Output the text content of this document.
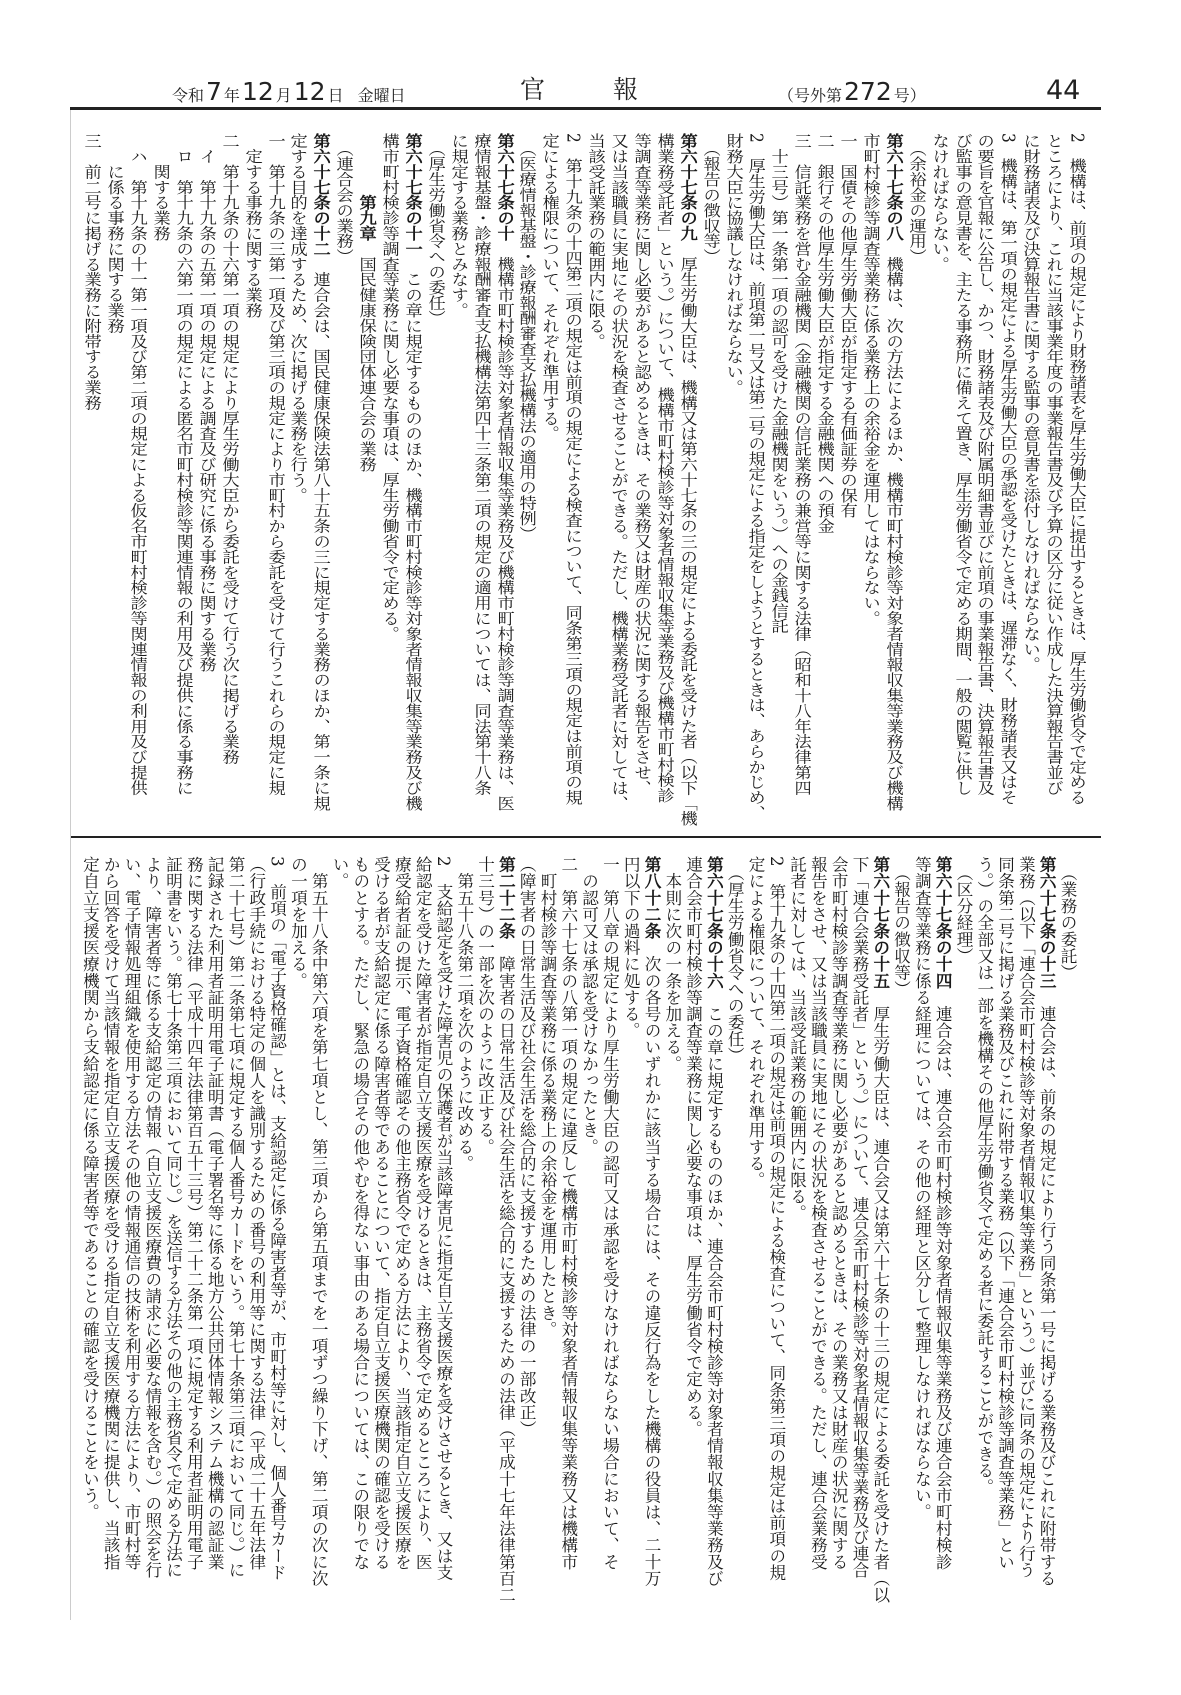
令和 7 年 12 月 12 日 金曜日	官	報	（号外第 272 号）	44
2　機構は、前項の規定により財務諸表を厚生労働大臣に提出するときは、厚生労働省令で定める
ところにより、これに当該事業年度の事業報告書及び予算の区分に従い作成した決算報告書並び
に財務諸表及び決算報告書に関する監事の意見書を添付しなければならない。
3　機構は、第一項の規定による厚生労働大臣の承認を受けたときは、遅滞なく、財務諸表又はそ
の要旨を官報に公告し、かつ、財務諸表及び附属明細書並びに前項の事業報告書、決算報告書及
び監事の意見書を、主たる事務所に備えて置き、厚生労働省令で定める期間、一般の閲覧に供し
なければならない。
　（余裕金の運用）
第六十七条の八　機構は、次の方法によるほか、機構市町村検診等対象者情報収集等業務及び機構
市町村検診等調査等業務に係る業務上の余裕金を運用してはならない。
一　国債その他厚生労働大臣が指定する有価証券の保有
二　銀行その他厚生労働大臣が指定する金融機関への預金
三　信託業務を営む金融機関（金融機関の信託業務の兼営等に関する法律（昭和十八年法律第四
　十三号）第一条第一項の認可を受けた金融機関をいう。）への金銭信託
2　厚生労働大臣は、前項第一号又は第二号の規定による指定をしようとするときは、あらかじめ、
財務大臣に協議しなければならない。
　（報告の徴収等）
第六十七条の九　厚生労働大臣は、機構又は第六十七条の三の規定による委託を受けた者（以下「機
構業務受託者」という。）について、機構市町村検診等対象者情報収集等業務及び機構市町村検診
等調査等業務に関し必要があると認めるときは、その業務又は財産の状況に関する報告をさせ、
又は当該職員に実地にその状況を検査させることができる。ただし、機構業務受託者に対しては、
当該受託業務の範囲内に限る。
2　第十九条の十四第二項の規定は前項の規定による検査について、同条第三項の規定は前項の規
定による権限について、それぞれ準用する。
　（医療情報基盤・診療報酬審査支払機構法の適用の特例）
第六十七条の十　機構市町村検診等対象者情報収集等業務及び機構市町村検診等調査等業務は、医
療情報基盤・診療報酬審査支払機構法第四十三条第二項の規定の適用については、同法第十八条
に規定する業務とみなす。
　（厚生労働省令への委任）
第六十七条の十一　この章に規定するもののほか、機構市町村検診等対象者情報収集等業務及び機
構市町村検診等調査等業務に関し必要な事項は、厚生労働省令で定める。
　　　　第九章　国民健康保険団体連合会の業務
　（連合会の業務）
第六十七条の十二　連合会は、国民健康保険法第八十五条の三に規定する業務のほか、第一条に規
定する目的を達成するため、次に掲げる業務を行う。
一　第十九条の三第一項及び第三項の規定により市町村から委託を受けて行うこれらの規定に規
　定する事務に関する業務
二　第十九条の十六第一項の規定により厚生労働大臣から委託を受けて行う次に掲げる業務
　イ　第十九条の五第一項の規定による調査及び研究に係る事務に関する業務
　ロ　第十九条の六第一項の規定による匿名市町村検診等関連情報の利用及び提供に係る事務に
　　関する業務
　ハ　第十九条の十一第一項及び第二項の規定による仮名市町村検診等関連情報の利用及び提供
　　に係る事務に関する業務
三　前二号に掲げる業務に附帯する業務
　（業務の委託）
第六十七条の十三　連合会は、前条の規定により行う同条第一号に掲げる業務及びこれに附帯する
業務（以下「連合会市町村検診等対象者情報収集等業務」という。）並びに同条の規定により行う
同条第二号に掲げる業務及びこれに附帯する業務（以下「連合会市町村検診等調査等業務」とい
う。）の全部又は一部を機構その他厚生労働省令で定める者に委託することができる。
　（区分経理）
第六十七条の十四　連合会は、連合会市町村検診等対象者情報収集等業務及び連合会市町村検診
等調査等業務に係る経理については、その他の経理と区分して整理しなければならない。
　（報告の徴収等）
第六十七条の十五　厚生労働大臣は、連合会又は第六十七条の十三の規定による委託を受けた者（以
下「連合会業務受託者」という。）について、連合会市町村検診等対象者情報収集等業務及び連合
会市町村検診等調査等業務に関し必要があると認めるときは、その業務又は財産の状況に関する
報告をさせ、又は当該職員に実地にその状況を検査させることができる。ただし、連合会業務受
託者に対しては、当該受託業務の範囲内に限る。
2　第十九条の十四第二項の規定は前項の規定による検査について、同条第三項の規定は前項の規
定による権限について、それぞれ準用する。
　（厚生労働省令への委任）
第六十七条の十六　この章に規定するもののほか、連合会市町村検診等対象者情報収集等業務及び
連合会市町村検診等調査等業務に関し必要な事項は、厚生労働省令で定める。
　本則に次の一条を加える。
第八十二条　次の各号のいずれかに該当する場合には、その違反行為をした機構の役員は、二十万
円以下の過料に処する。
一　第八章の規定により厚生労働大臣の認可又は承認を受けなければならない場合において、そ
　の認可又は承認を受けなかったとき。
二　第六十七条の八第一項の規定に違反して機構市町村検診等対象者情報収集等業務又は機構市
　町村検診等調査等業務に係る業務上の余裕金を運用したとき。
（障害者の日常生活及び社会生活を総合的に支援するための法律の一部改正）
第二十二条　障害者の日常生活及び社会生活を総合的に支援するための法律（平成十七年法律第百二
十三号）の一部を次のように改正する。
　第五十八条第二項を次のように改める。
2　支給認定を受けた障害児の保護者が当該障害児に指定自立支援医療を受けさせるとき、又は支
給認定を受けた障害者が指定自立支援医療を受けるときは、主務省令で定めるところにより、医
療受給者証の提示、電子資格確認その他主務省令で定める方法により、当該指定自立支援医療を
受ける者が支給認定に係る障害者等であることについて、指定自立支援医療機関の確認を受ける
ものとする。ただし、緊急の場合その他やむを得ない事由のある場合については、この限りでな
い。
　第五十八条中第六項を第七項とし、第三項から第五項までを一項ずつ繰り下げ、第二項の次に次
の一項を加える。
3　前項の「電子資格確認」とは、支給認定に係る障害者等が、市町村等に対し、個人番号カード
（行政手続における特定の個人を識別するための番号の利用等に関する法律（平成二十五年法律
第二十七号）第二条第七項に規定する個人番号カードをいう。第七十条第三項において同じ。）に
記録された利用者証明用電子証明書（電子署名等に係る地方公共団体情報システム機構の認証業
務に関する法律（平成十四年法律第百五十三号）第二十二条第一項に規定する利用者証明用電子
証明書をいう。第七十条第三項において同じ。）を送信する方法その他の主務省令で定める方法に
より、障害者等に係る支給認定の情報（自立支援医療費の請求に必要な情報を含む。）の照会を行
い、電子情報処理組織を使用する方法その他の情報通信の技術を利用する方法により、市町村等
から回答を受けて当該情報を指定自立支援医療を受ける指定自立支援医療機関に提供し、当該指
定自立支援医療機関から支給認定に係る障害者等であることの確認を受けることをいう。
